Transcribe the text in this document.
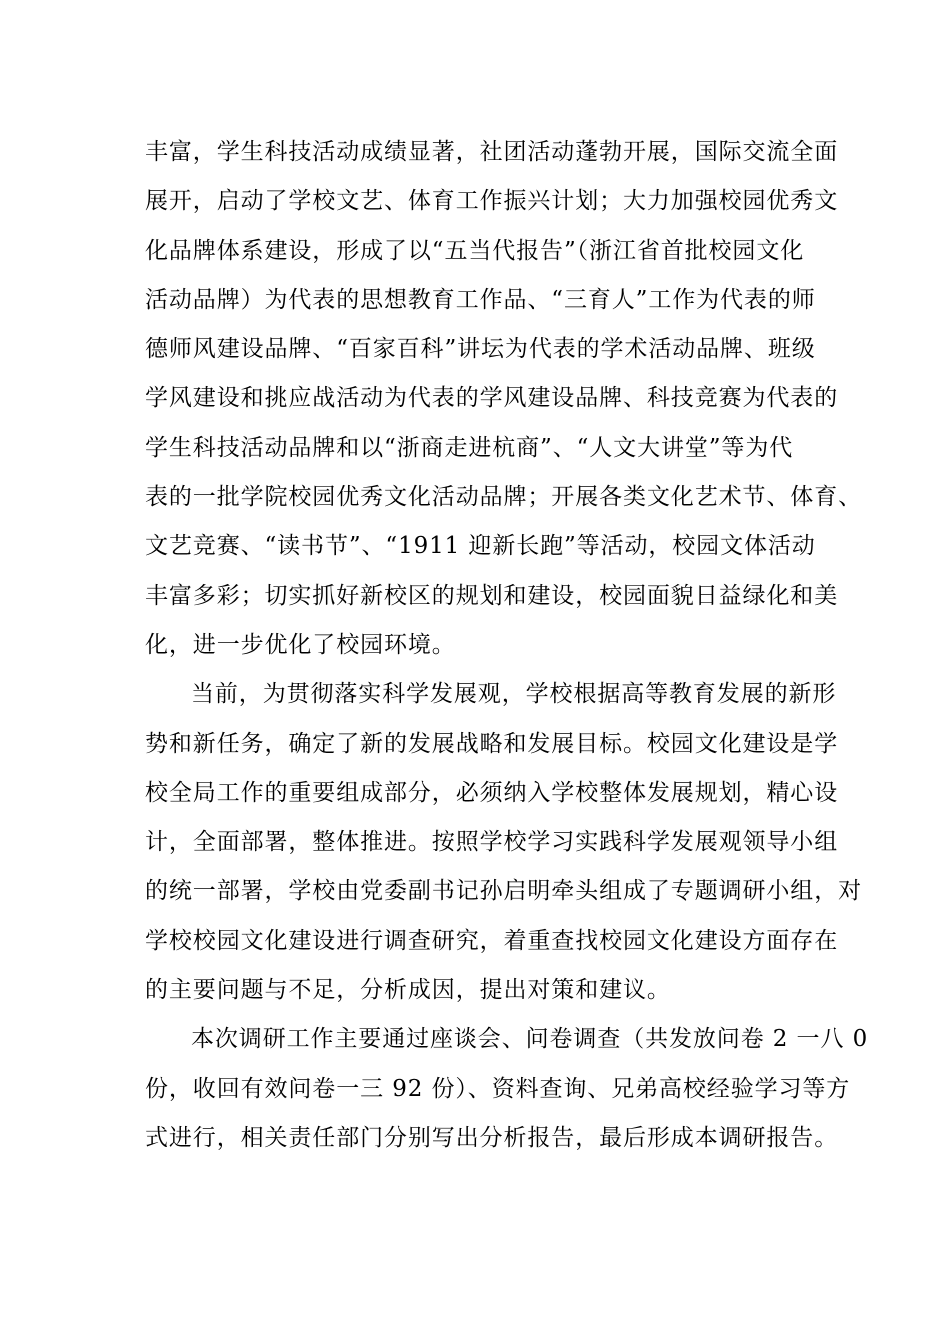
丰富，学生科技活动成绩显著，社团活动蓬勃开展，国际交流全面
展开，启动了学校文艺、体育工作振兴计划；大力加强校园优秀文
化品牌体系建设，形成了以“五当代报告”（浙江省首批校园文化
活动品牌）为代表的思想教育工作品、“三育人”工作为代表的师
德师风建设品牌、“百家百科”讲坛为代表的学术活动品牌、班级
学风建设和挑应战活动为代表的学风建设品牌、科技竞赛为代表的
学生科技活动品牌和以“浙商走进杭商”、“人文大讲堂”等为代
表的一批学院校园优秀文化活动品牌；开展各类文化艺术节、体育、
文艺竞赛、“读书节”、“1911 迎新长跑”等活动，校园文体活动
丰富多彩；切实抓好新校区的规划和建设，校园面貌日益绿化和美
化，进一步优化了校园环境。
当前，为贯彻落实科学发展观，学校根据高等教育发展的新形
势和新任务，确定了新的发展战略和发展目标。校园文化建设是学
校全局工作的重要组成部分，必须纳入学校整体发展规划，精心设
计，全面部署，整体推进。按照学校学习实践科学发展观领导小组
的统一部署，学校由党委副书记孙启明牵头组成了专题调研小组，对
学校校园文化建设进行调查研究，着重查找校园文化建设方面存在
的主要问题与不足，分析成因，提出对策和建议。
本次调研工作主要通过座谈会、问卷调查（共发放问卷 2 一八 0
份，收回有效问卷一三 92 份）、资料查询、兄弟高校经验学习等方
式进行，相关责任部门分别写出分析报告，最后形成本调研报告。
